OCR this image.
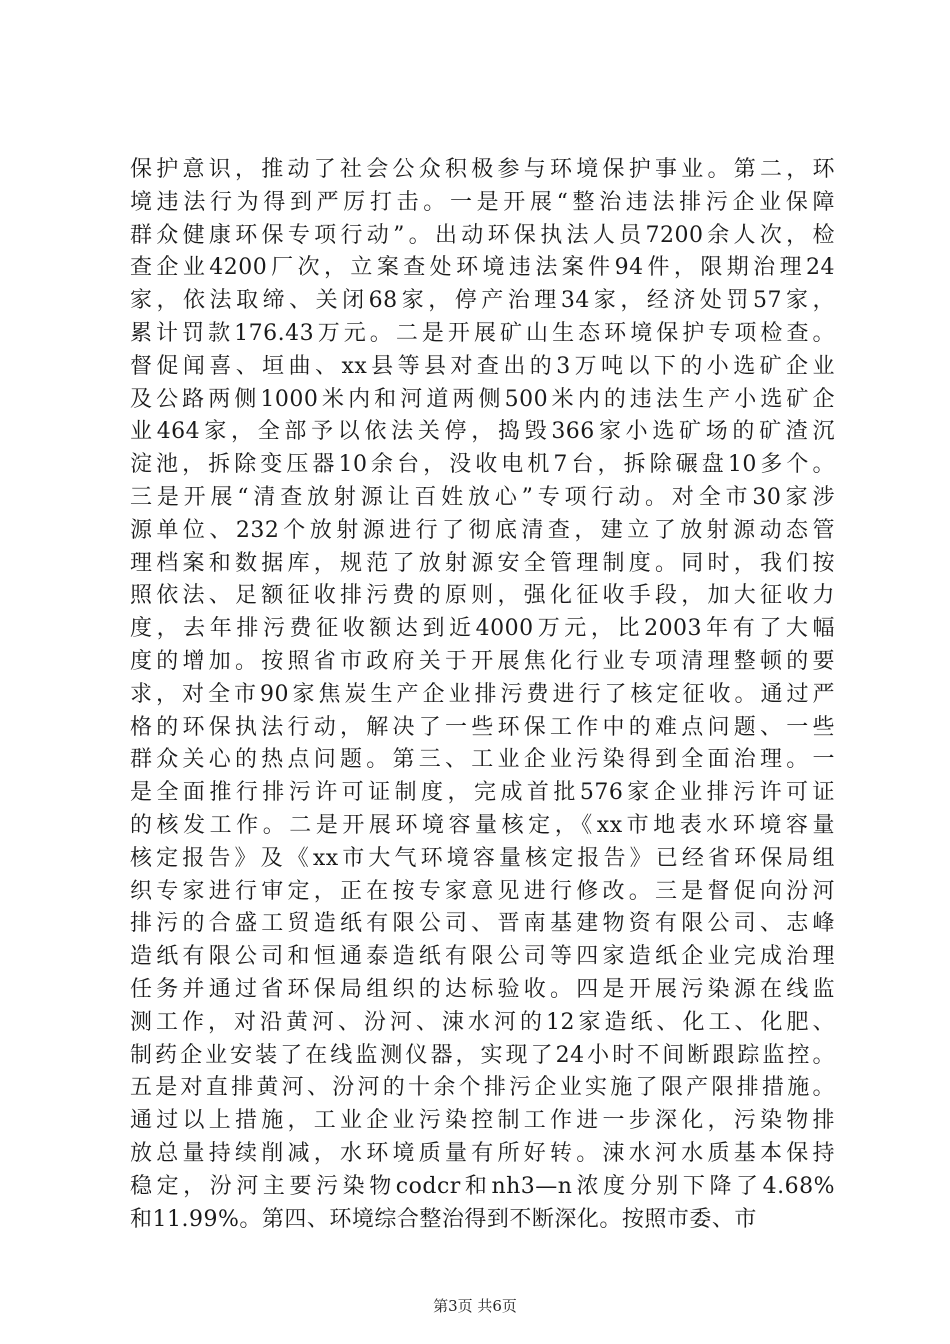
保护意识，推动了社会公众积极参与环境保护事业。第二，环
境违法行为得到严厉打击。一是开展“整治违法排污企业保障
群众健康环保专项行动”。出动环保执法人员7200余人次，检
查企业4200厂次，立案查处环境违法案件94件，限期治理24
家，依法取缔、关闭68家，停产治理34家，经济处罚57家，
累计罚款176.43万元。二是开展矿山生态环境保护专项检查。
督促闻喜、垣曲、xx县等县对查出的3万吨以下的小选矿企业
及公路两侧1000米内和河道两侧500米内的违法生产小选矿企
业464家，全部予以依法关停，捣毁366家小选矿场的矿渣沉
淀池，拆除变压器10余台，没收电机7台，拆除碾盘10多个。
三是开展“清查放射源让百姓放心”专项行动。对全市30家涉
源单位、232个放射源进行了彻底清查，建立了放射源动态管
理档案和数据库，规范了放射源安全管理制度。同时，我们按
照依法、足额征收排污费的原则，强化征收手段，加大征收力
度，去年排污费征收额达到近4000万元，比2003年有了大幅
度的增加。按照省市政府关于开展焦化行业专项清理整顿的要
求，对全市90家焦炭生产企业排污费进行了核定征收。通过严
格的环保执法行动，解决了一些环保工作中的难点问题、一些
群众关心的热点问题。第三、工业企业污染得到全面治理。一
是全面推行排污许可证制度，完成首批576家企业排污许可证
的核发工作。二是开展环境容量核定，《xx市地表水环境容量
核定报告》及《xx市大气环境容量核定报告》已经省环保局组
织专家进行审定，正在按专家意见进行修改。三是督促向汾河
排污的合盛工贸造纸有限公司、晋南基建物资有限公司、志峰
造纸有限公司和恒通泰造纸有限公司等四家造纸企业完成治理
任务并通过省环保局组织的达标验收。四是开展污染源在线监
测工作，对沿黄河、汾河、涑水河的12家造纸、化工、化肥、
制药企业安装了在线监测仪器，实现了24小时不间断跟踪监控。
五是对直排黄河、汾河的十余个排污企业实施了限产限排措施。
通过以上措施，工业企业污染控制工作进一步深化，污染物排
放总量持续削减，水环境质量有所好转。涑水河水质基本保持
稳定，汾河主要污染物codcr和nh3—n浓度分别下降了4.68%
和11.99%。第四、环境综合整治得到不断深化。按照市委、市
第3页 共6页
